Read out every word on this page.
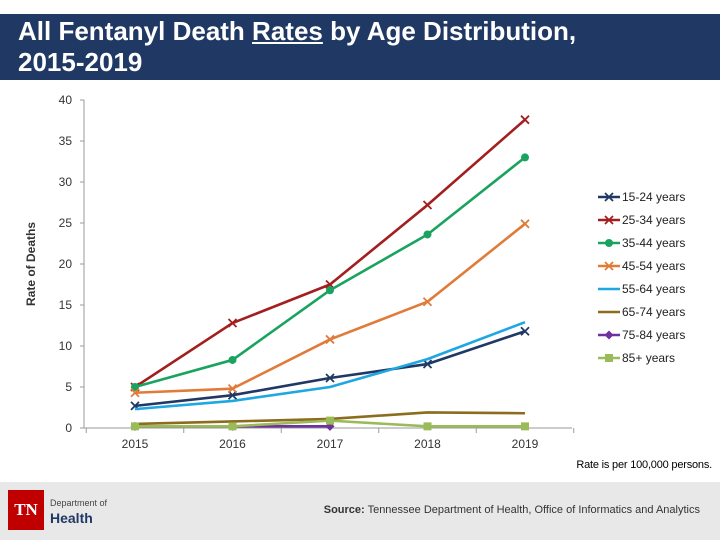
All Fentanyl Death Rates by Age Distribution,
2015-2019
0
5
10
15
20
25
30
35
40
2015	2016	2017	2018	2019
Rate of Deaths
15-24 years
25-34 years
35-44 years
45-54 years
55-64 years
65-74 years
75-84 years
85+ years
Rate is per 100,000 persons.
TN	Department of
Health	Source: Tennessee Department of Health, Office of Informatics and Analytics
